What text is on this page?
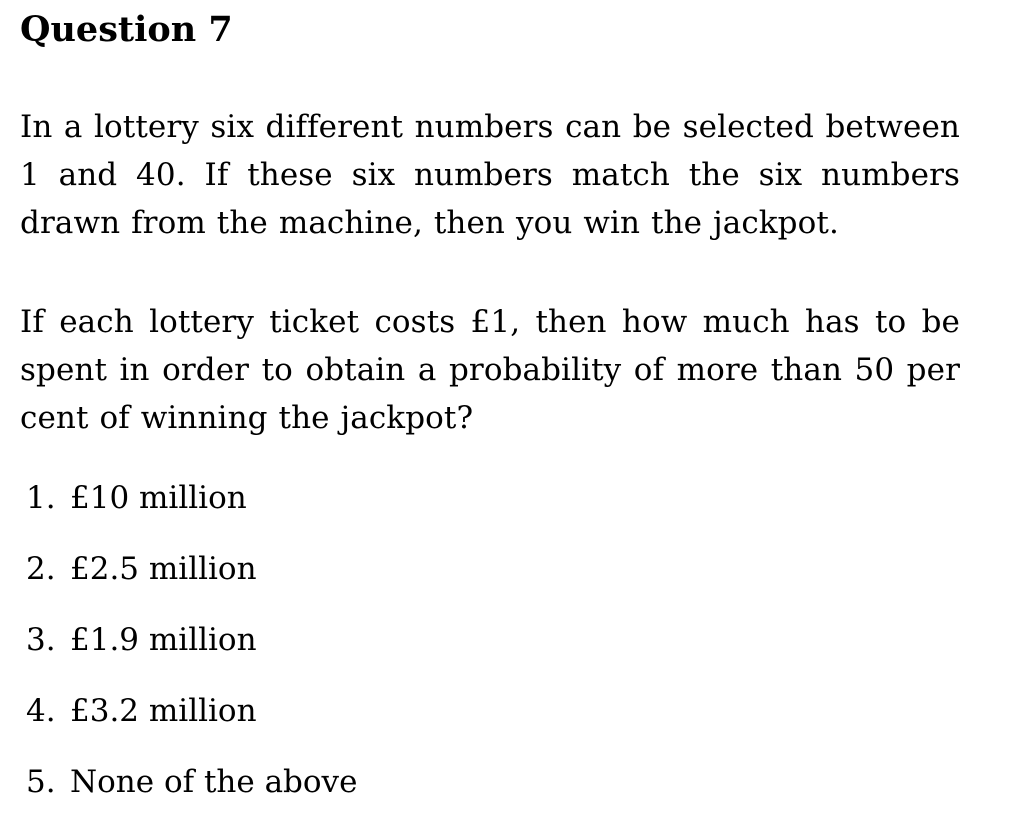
Question 7

In a lottery six different numbers can be selected between 1 and 40. If these six numbers match the six numbers drawn from the machine, then you win the jackpot.

If each lottery ticket costs £1, then how much has to be spent in order to obtain a probability of more than 50 per cent of winning the jackpot?

1. £10 million
2. £2.5 million
3. £1.9 million
4. £3.2 million
5. None of the above
